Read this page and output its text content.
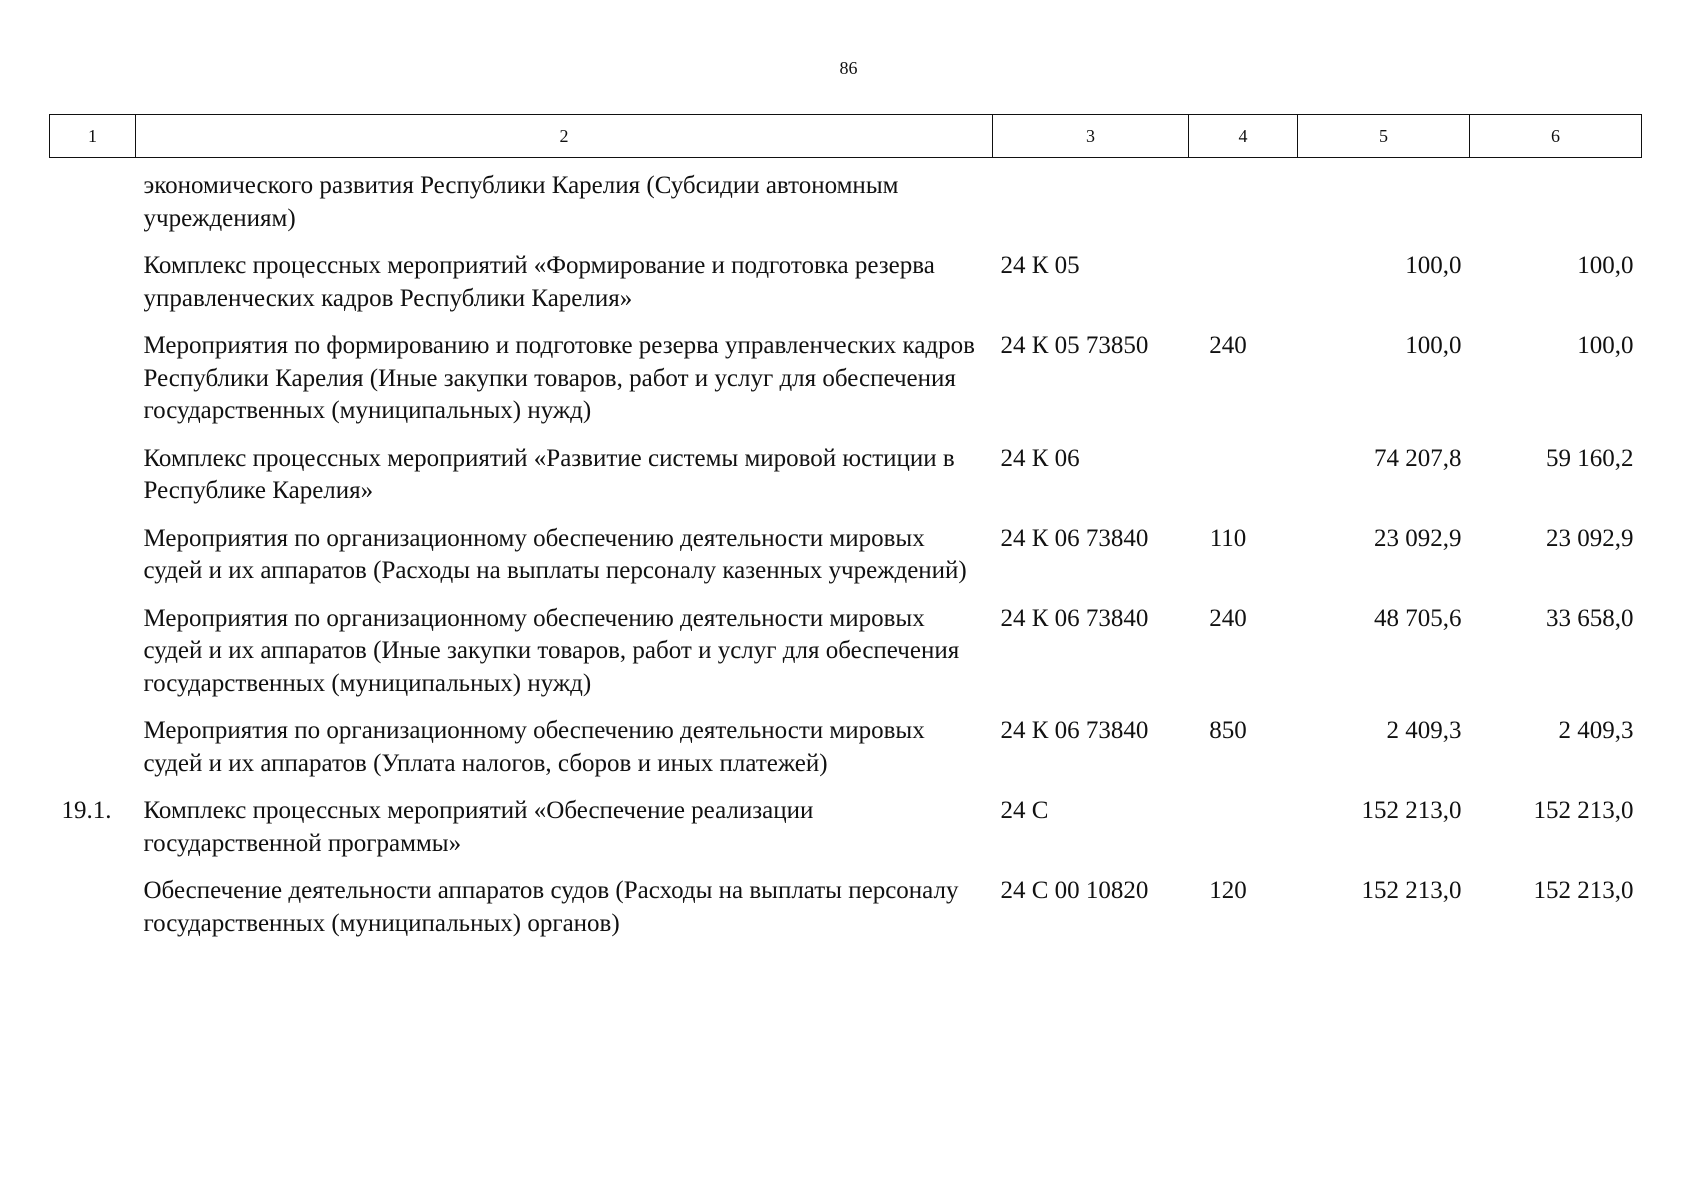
86
1	2	3	4	5	6
	экономического развития Республики Карелия (Субсидии автономным учреждениям)				
	Комплекс процессных мероприятий «Формирование и подготовка резерва управленческих кадров Республики Карелия»	24 К 05		100,0	100,0
	Мероприятия по формированию и подготовке резерва управленческих кадров Республики Карелия (Иные закупки товаров, работ и услуг для обеспечения государственных (муниципальных) нужд)	24 К 05 73850	240	100,0	100,0
	Комплекс процессных мероприятий «Развитие системы мировой юстиции в Республике Карелия»	24 К 06		74 207,8	59 160,2
	Мероприятия по организационному обеспечению деятельности мировых судей и их аппаратов (Расходы на выплаты персоналу казенных учреждений)	24 К 06 73840	110	23 092,9	23 092,9
	Мероприятия по организационному обеспечению деятельности мировых судей и их аппаратов (Иные закупки товаров, работ и услуг для обеспечения государственных (муниципальных) нужд)	24 К 06 73840	240	48 705,6	33 658,0
	Мероприятия по организационному обеспечению деятельности мировых судей и их аппаратов (Уплата налогов, сборов и иных платежей)	24 К 06 73840	850	2 409,3	2 409,3
19.1.	Комплекс процессных мероприятий «Обеспечение реализации государственной программы»	24 С		152 213,0	152 213,0
	Обеспечение деятельности аппаратов судов (Расходы на выплаты персоналу государственных (муниципальных) органов)	24 С 00 10820	120	152 213,0	152 213,0
